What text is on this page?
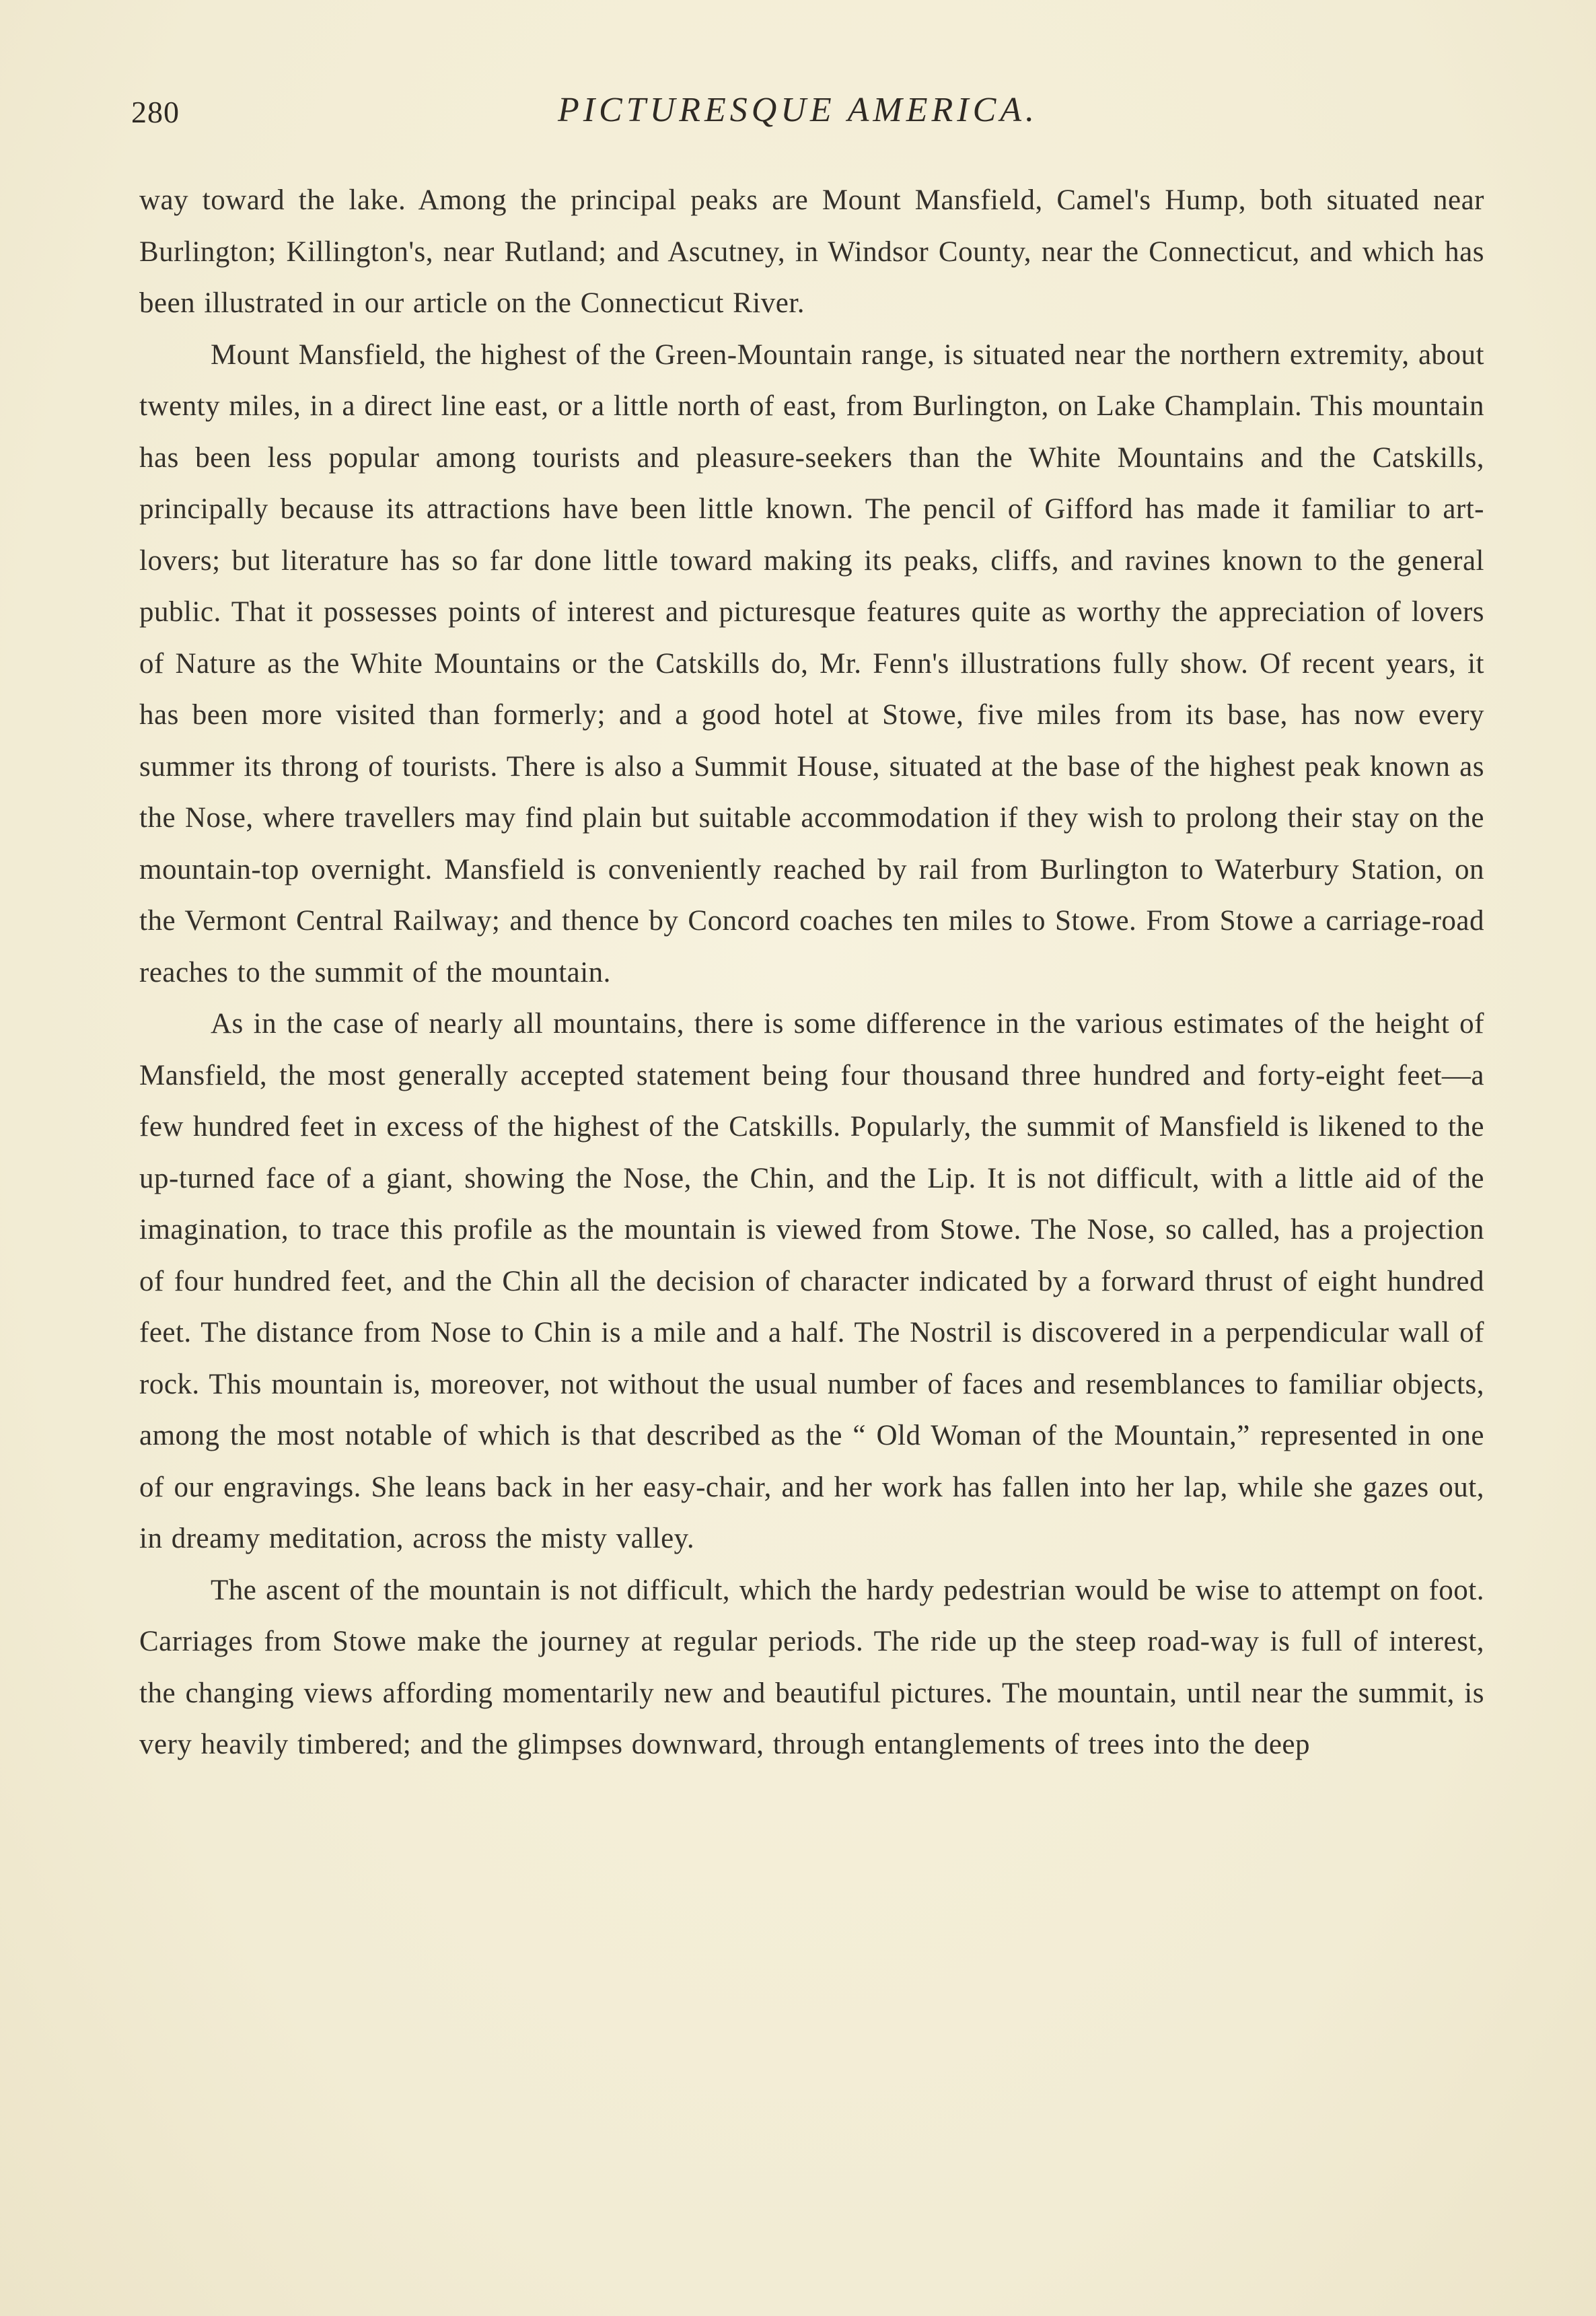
280	PICTURESQUE AMERICA.

way toward the lake. Among the principal peaks are Mount Mansfield, Camel's Hump, both situated near Burlington; Killington's, near Rutland; and Ascutney, in Windsor County, near the Connecticut, and which has been illustrated in our article on the Connecticut River.

Mount Mansfield, the highest of the Green-Mountain range, is situated near the northern extremity, about twenty miles, in a direct line east, or a little north of east, from Burlington, on Lake Champlain. This mountain has been less popular among tourists and pleasure-seekers than the White Mountains and the Catskills, principally because its attractions have been little known. The pencil of Gifford has made it familiar to art-lovers; but literature has so far done little toward making its peaks, cliffs, and ravines known to the general public. That it possesses points of interest and picturesque features quite as worthy the appreciation of lovers of Nature as the White Mountains or the Catskills do, Mr. Fenn's illustrations fully show. Of recent years, it has been more visited than formerly; and a good hotel at Stowe, five miles from its base, has now every summer its throng of tourists. There is also a Summit House, situated at the base of the highest peak known as the Nose, where travellers may find plain but suitable accommodation if they wish to prolong their stay on the mountain-top overnight. Mansfield is conveniently reached by rail from Burlington to Waterbury Station, on the Vermont Central Railway; and thence by Concord coaches ten miles to Stowe. From Stowe a carriage-road reaches to the summit of the mountain.

As in the case of nearly all mountains, there is some difference in the various estimates of the height of Mansfield, the most generally accepted statement being four thousand three hundred and forty-eight feet—a few hundred feet in excess of the highest of the Catskills. Popularly, the summit of Mansfield is likened to the up-turned face of a giant, showing the Nose, the Chin, and the Lip. It is not difficult, with a little aid of the imagination, to trace this profile as the mountain is viewed from Stowe. The Nose, so called, has a projection of four hundred feet, and the Chin all the decision of character indicated by a forward thrust of eight hundred feet. The distance from Nose to Chin is a mile and a half. The Nostril is discovered in a perpendicular wall of rock. This mountain is, moreover, not without the usual number of faces and resemblances to familiar objects, among the most notable of which is that described as the “ Old Woman of the Mountain,” represented in one of our engravings. She leans back in her easy-chair, and her work has fallen into her lap, while she gazes out, in dreamy meditation, across the misty valley.

The ascent of the mountain is not difficult, which the hardy pedestrian would be wise to attempt on foot. Carriages from Stowe make the journey at regular periods. The ride up the steep road-way is full of interest, the changing views affording momentarily new and beautiful pictures. The mountain, until near the summit, is very heavily timbered; and the glimpses downward, through entanglements of trees into the deep
